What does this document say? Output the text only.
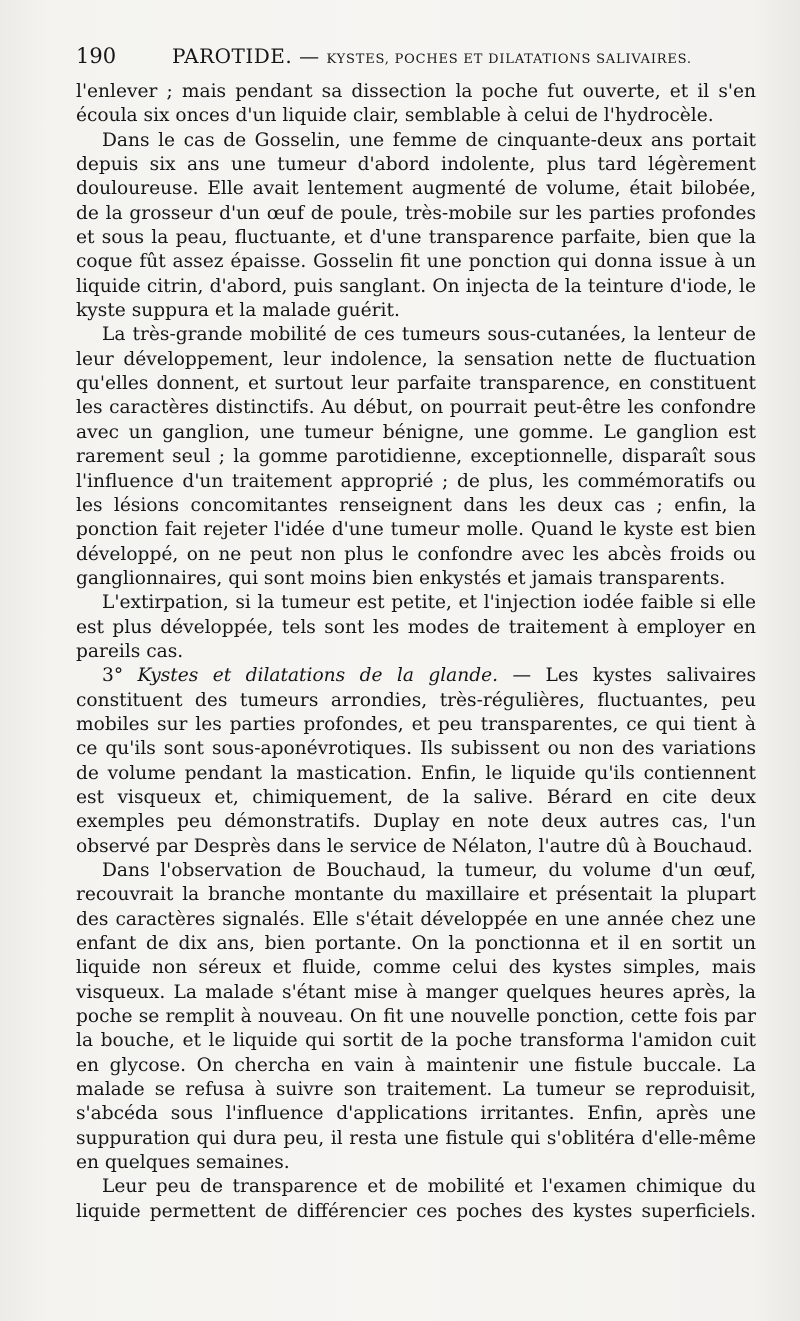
190	PAROTIDE. — KYSTES, POCHES ET DILATATIONS SALIVAIRES.

l'enlever ; mais pendant sa dissection la poche fut ouverte, et il s'en écoula six onces d'un liquide clair, semblable à celui de l'hydrocèle.

Dans le cas de Gosselin, une femme de cinquante-deux ans portait depuis six ans une tumeur d'abord indolente, plus tard légèrement douloureuse. Elle avait lentement augmenté de volume, était bilobée, de la grosseur d'un œuf de poule, très-mobile sur les parties profondes et sous la peau, fluctuante, et d'une transparence parfaite, bien que la coque fût assez épaisse. Gosselin fit une ponction qui donna issue à un liquide citrin, d'abord, puis sanglant. On injecta de la teinture d'iode, le kyste suppura et la malade guérit.

La très-grande mobilité de ces tumeurs sous-cutanées, la lenteur de leur développement, leur indolence, la sensation nette de fluctuation qu'elles donnent, et surtout leur parfaite transparence, en constituent les caractères distinctifs. Au début, on pourrait peut-être les confondre avec un ganglion, une tumeur bénigne, une gomme. Le ganglion est rarement seul ; la gomme parotidienne, exceptionnelle, disparaît sous l'influence d'un traitement approprié ; de plus, les commémoratifs ou les lésions concomitantes renseignent dans les deux cas ; enfin, la ponction fait rejeter l'idée d'une tumeur molle. Quand le kyste est bien développé, on ne peut non plus le confondre avec les abcès froids ou ganglionnaires, qui sont moins bien enkystés et jamais transparents.

L'extirpation, si la tumeur est petite, et l'injection iodée faible si elle est plus développée, tels sont les modes de traitement à employer en pareils cas.

3° Kystes et dilatations de la glande. — Les kystes salivaires constituent des tumeurs arrondies, très-régulières, fluctuantes, peu mobiles sur les parties profondes, et peu transparentes, ce qui tient à ce qu'ils sont sous-aponévrotiques. Ils subissent ou non des variations de volume pendant la mastication. Enfin, le liquide qu'ils contiennent est visqueux et, chimiquement, de la salive. Bérard en cite deux exemples peu démonstratifs. Duplay en note deux autres cas, l'un observé par Desprès dans le service de Nélaton, l'autre dû à Bouchaud.

Dans l'observation de Bouchaud, la tumeur, du volume d'un œuf, recouvrait la branche montante du maxillaire et présentait la plupart des caractères signalés. Elle s'était développée en une année chez une enfant de dix ans, bien portante. On la ponctionna et il en sortit un liquide non séreux et fluide, comme celui des kystes simples, mais visqueux. La malade s'étant mise à manger quelques heures après, la poche se remplit à nouveau. On fit une nouvelle ponction, cette fois par la bouche, et le liquide qui sortit de la poche transforma l'amidon cuit en glycose. On chercha en vain à maintenir une fistule buccale. La malade se refusa à suivre son traitement. La tumeur se reproduisit, s'abcéda sous l'influence d'applications irritantes. Enfin, après une suppuration qui dura peu, il resta une fistule qui s'oblitéra d'elle-même en quelques semaines.

Leur peu de transparence et de mobilité et l'examen chimique du liquide permettent de différencier ces poches des kystes superficiels.
